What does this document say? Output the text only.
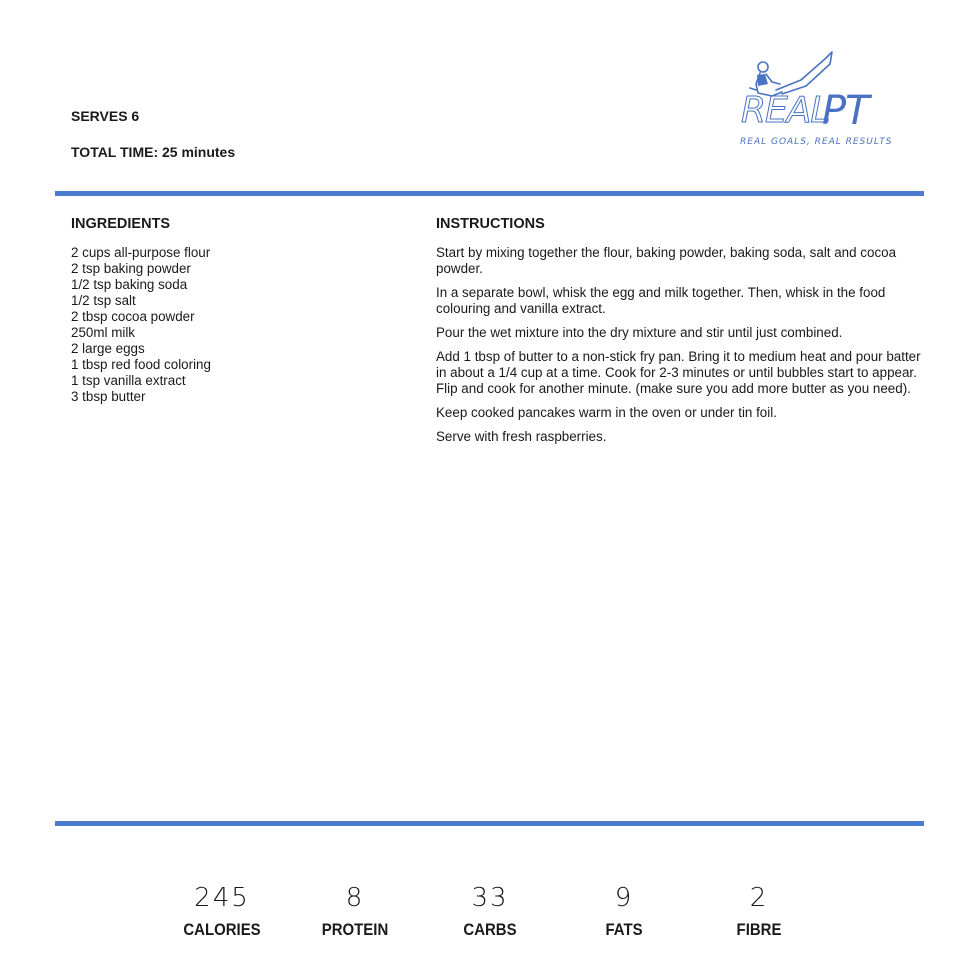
SERVES 6
TOTAL TIME: 25 minutes
REAL
PT
REAL GOALS, REAL RESULTS
INGREDIENTS
2 cups all-purpose flour
2 tsp baking powder
1/2 tsp baking soda
1/2 tsp salt
2 tbsp cocoa powder
250ml milk
2 large eggs
1 tbsp red food coloring
1 tsp vanilla extract
3 tbsp butter
INSTRUCTIONS

Start by mixing together the flour, baking powder, baking soda, salt and cocoa powder.

In a separate bowl, whisk the egg and milk together. Then, whisk in the food colouring and vanilla extract.

Pour the wet mixture into the dry mixture and stir until just combined.

Add 1 tbsp of butter to a non-stick fry pan. Bring it to medium heat and pour batter in about a 1/4 cup at a time. Cook for 2-3 minutes or until bubbles start to appear. Flip and cook for another minute. (make sure you add more butter as you need).

Keep cooked pancakes warm in the oven or under tin foil.

Serve with fresh raspberries.

245
CALORIES
8
PROTEIN
33
CARBS
9
FATS
2
FIBRE
